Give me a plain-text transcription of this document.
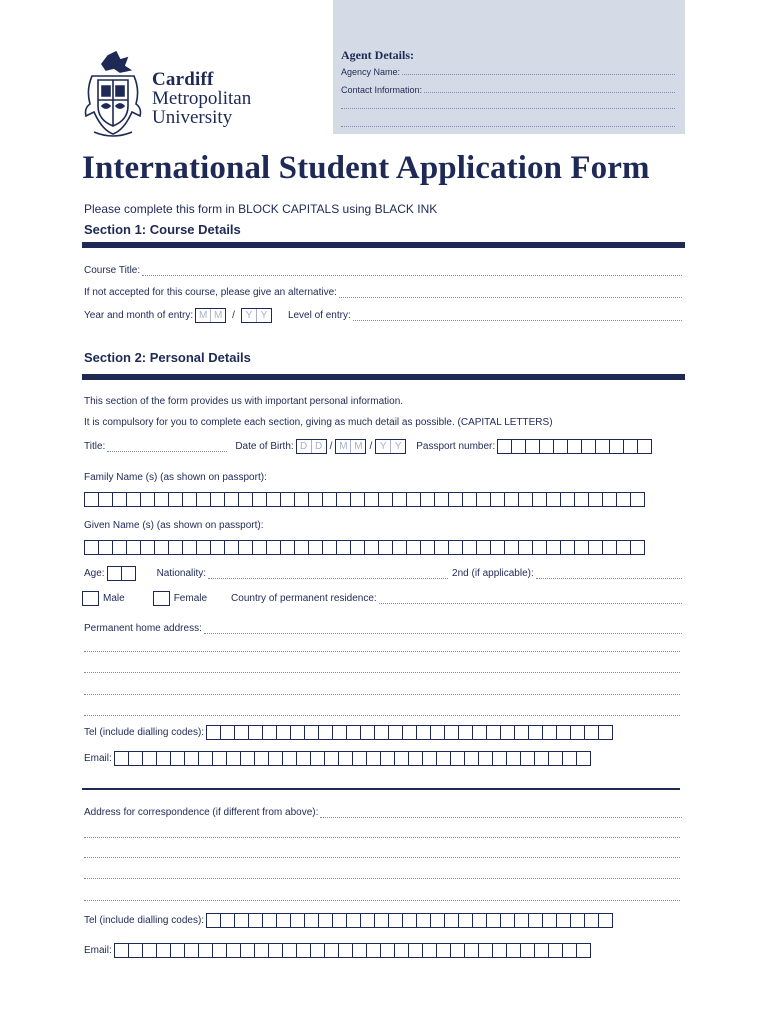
Agent Details:
Agency Name:
Contact Information:
Cardiff
Metropolitan
University
International Student Application Form
Please complete this form in BLOCK CAPITALS using BLACK INK
Section 1: Course Details
Course Title:
If not accepted for this course, please give an alternative:
Year and month of entry: M M /	Y Y	Level of entry:
Section 2: Personal Details
This section of the form provides us with important personal information.
It is compulsory for you to complete each section, giving as much detail as possible. (CAPITAL LETTERS)
Title:	Date of Birth: D D / M M / Y Y	Passport number:
Family Name (s) (as shown on passport):
Given Name (s) (as shown on passport):
Age:	Nationality:	2nd (if applicable):
Male	Female Country of permanent residence:
Permanent home address:
Tel (include dialling codes):
Email:
Address for correspondence (if different from above):
Tel (include dialling codes):
Email:
